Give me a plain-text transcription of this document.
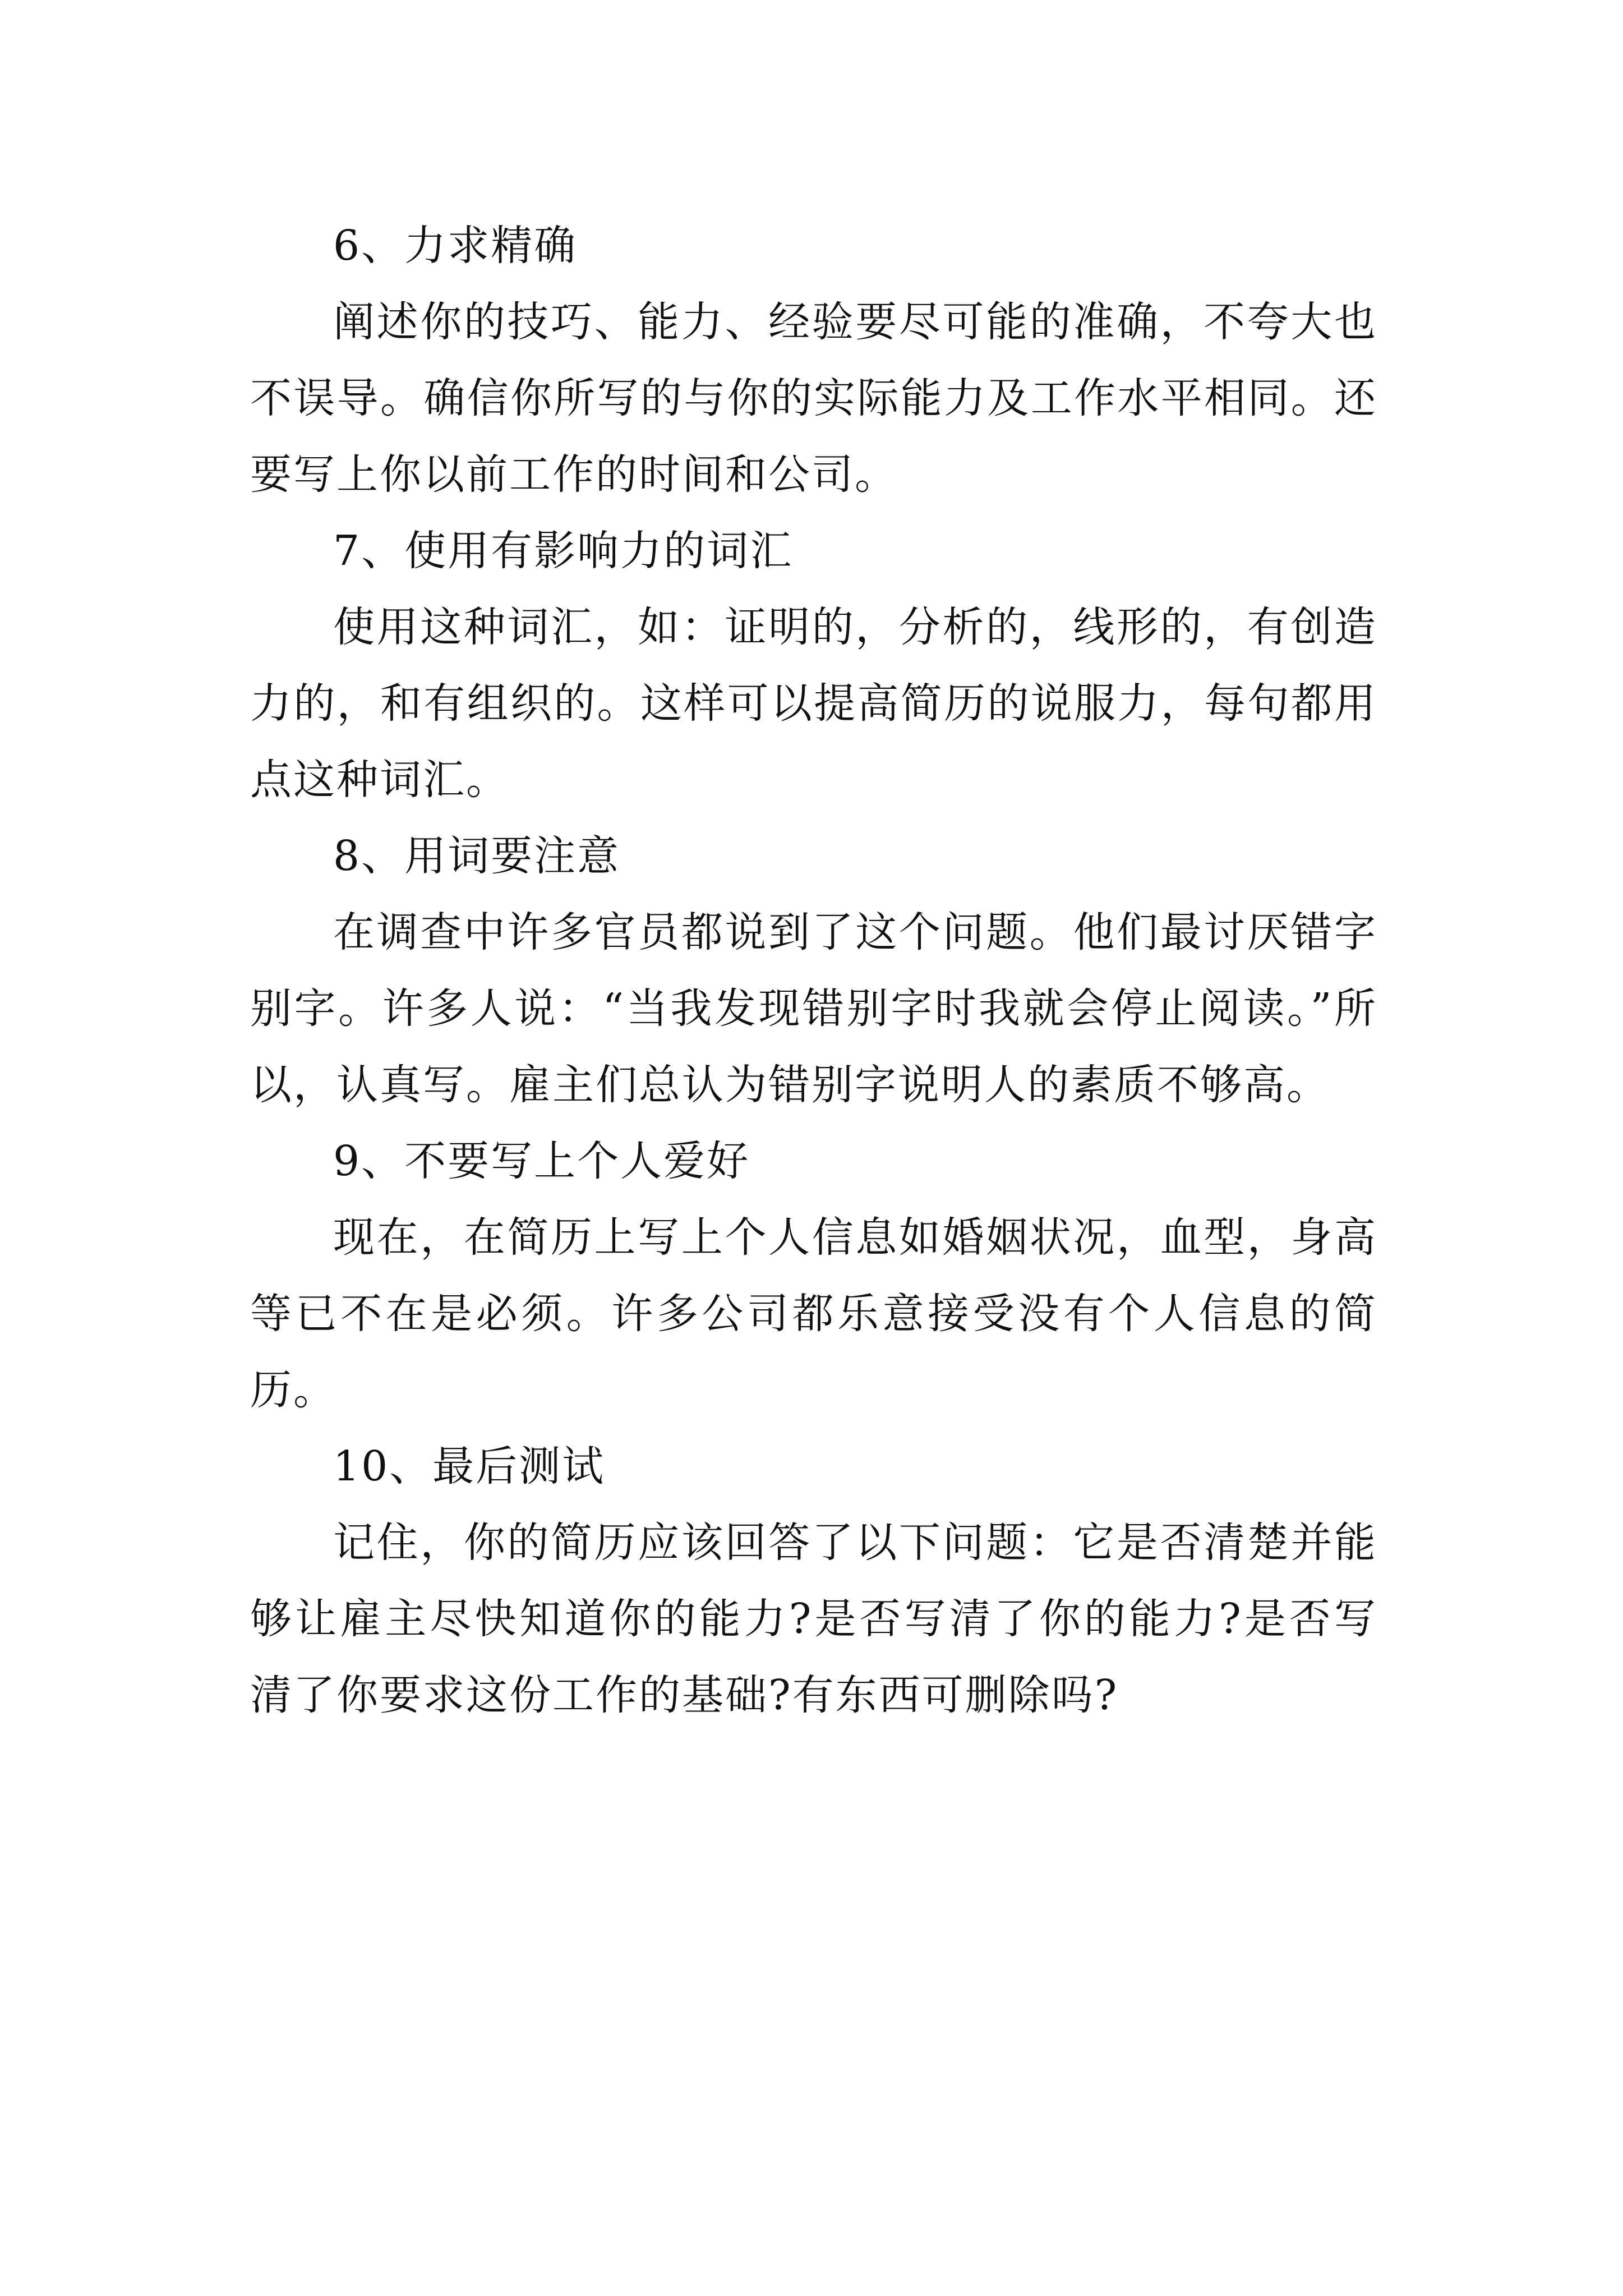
6、力求精确

阐述你的技巧、能力、经验要尽可能的准确，不夸大也不误导。确信你所写的与你的实际能力及工作水平相同。还要写上你以前工作的时间和公司。

7、使用有影响力的词汇

使用这种词汇，如：证明的，分析的，线形的，有创造力的，和有组织的。这样可以提高简历的说服力，每句都用点这种词汇。

8、用词要注意

在调查中许多官员都说到了这个问题。他们最讨厌错字别字。许多人说：“当我发现错别字时我就会停止阅读。”所以，认真写。雇主们总认为错别字说明人的素质不够高。

9、不要写上个人爱好

现在，在简历上写上个人信息如婚姻状况，血型，身高等已不在是必须。许多公司都乐意接受没有个人信息的简历。

10、最后测试

记住，你的简历应该回答了以下问题：它是否清楚并能够让雇主尽快知道你的能力?是否写清了你的能力?是否写清了你要求这份工作的基础?有东西可删除吗?
